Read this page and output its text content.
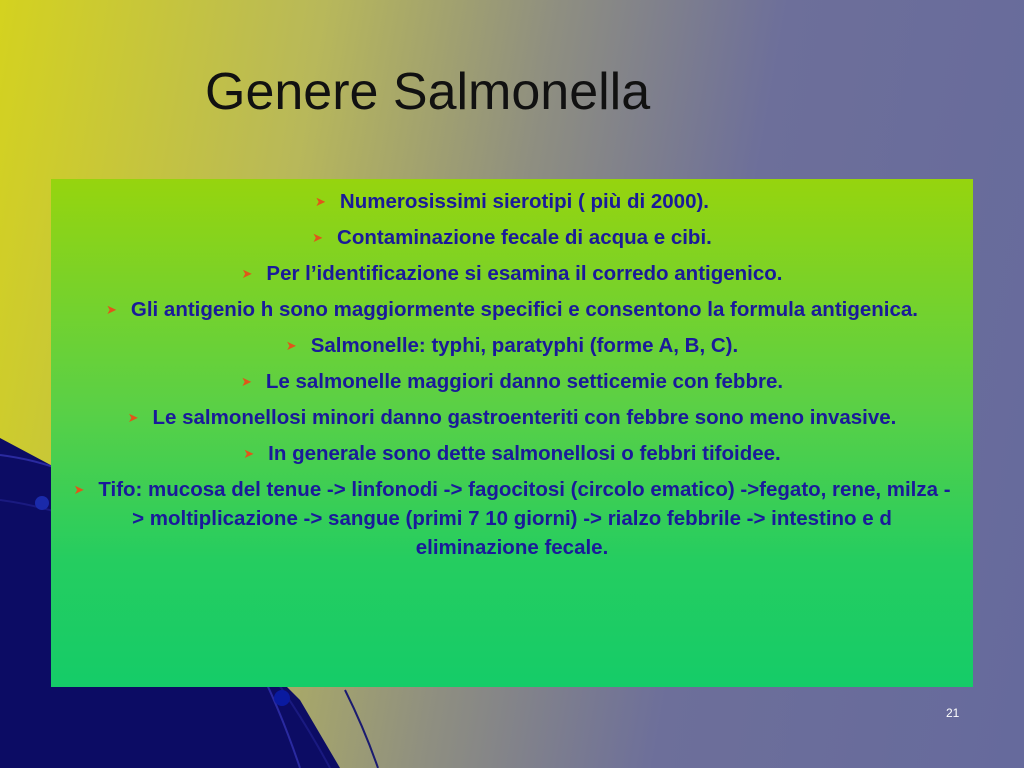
Genere Salmonella
➤ Numerosissimi sierotipi ( più di 2000).
➤ Contaminazione fecale di acqua e cibi.
➤ Per l’identificazione si esamina il corredo antigenico.
➤ Gli antigenio h sono maggiormente specifici e consentono la formula antigenica.
➤ Salmonelle: typhi, paratyphi (forme A, B, C).
➤ Le salmonelle maggiori danno setticemie con febbre.
➤ Le salmonellosi minori danno gastroenteriti con febbre sono meno invasive.
➤ In generale sono dette salmonellosi o febbri tifoidee.
➤ Tifo: mucosa del tenue -> linfonodi -> fagocitosi (circolo ematico) ->fegato, rene, milza -> moltiplicazione -> sangue (primi 7 10 giorni) -> rialzo febbrile -> intestino e d eliminazione fecale.
21
